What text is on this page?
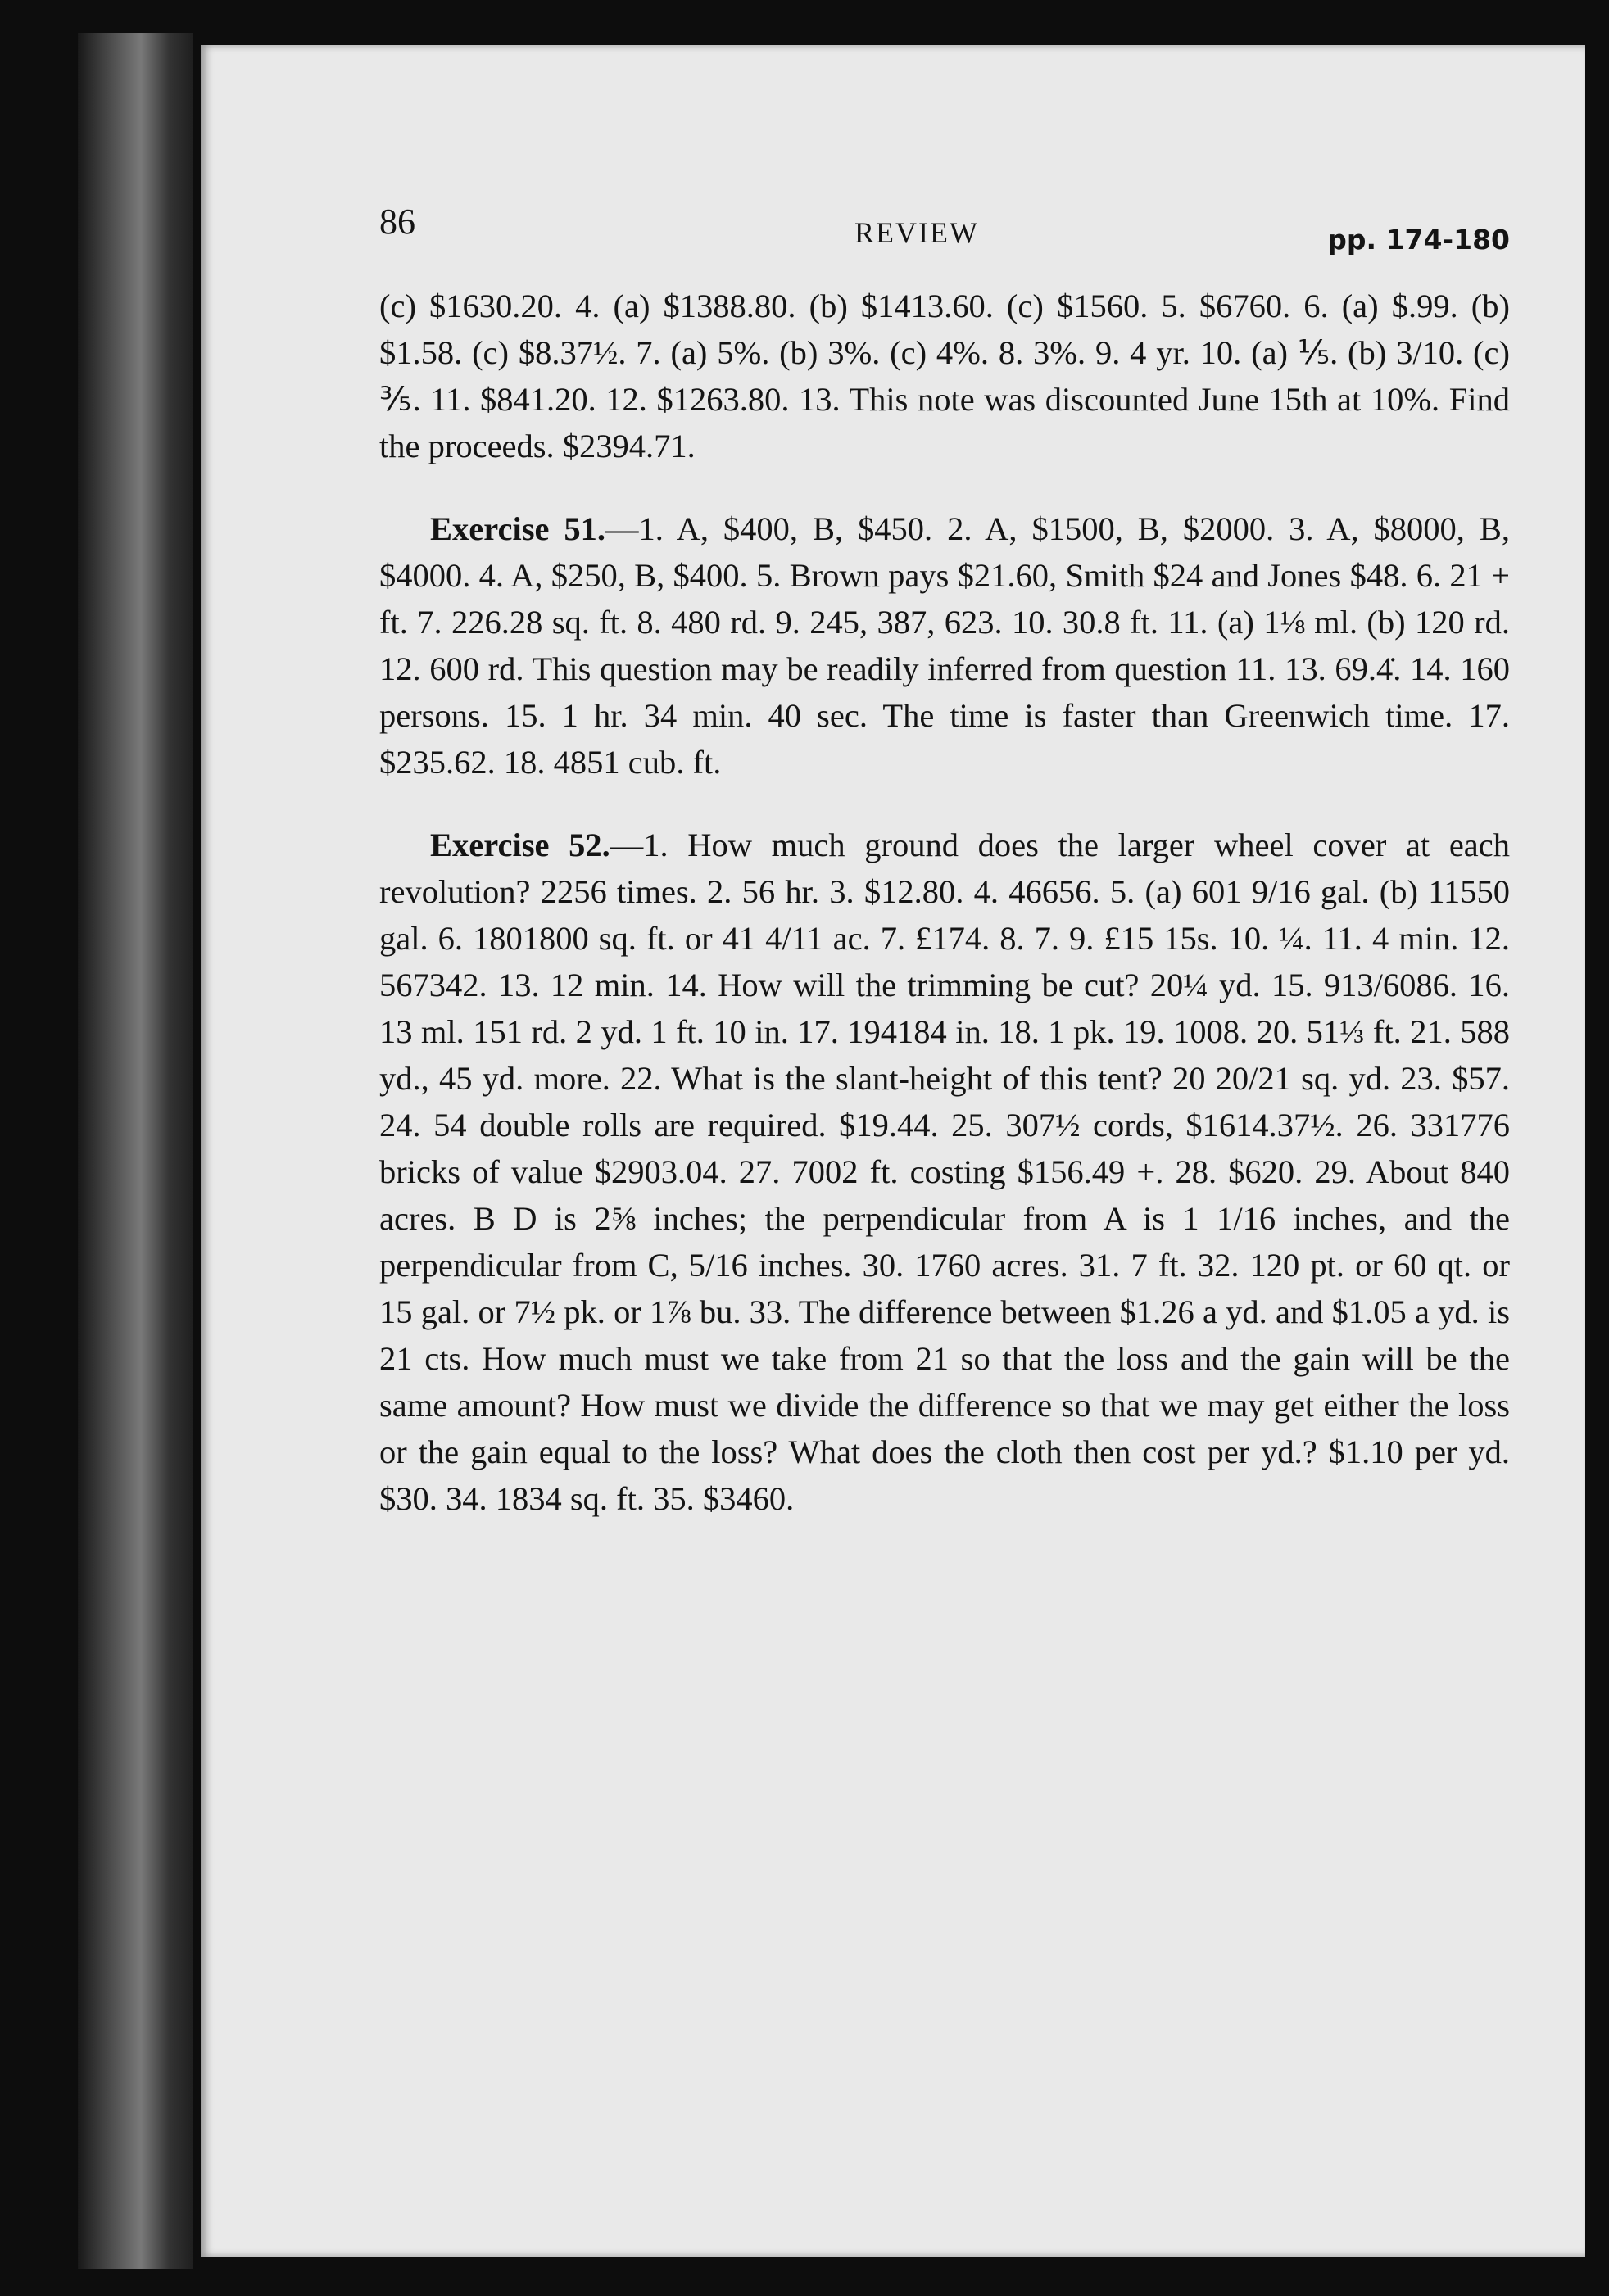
86	REVIEW	pp. 174-180

(c) $1630.20. 4. (a) $1388.80. (b) $1413.60. (c) $1560. 5. $6760. 6. (a) $.99. (b) $1.58. (c) $8.37½. 7. (a) 5%. (b) 3%. (c) 4%. 8. 3%. 9. 4 yr. 10. (a) ⅕. (b) 3/10. (c) ⅗. 11. $841.20. 12. $1263.80. 13. This note was discounted June 15th at 10%. Find the proceeds. $2394.71.

Exercise 51.—1. A, $400, B, $450. 2. A, $1500, B, $2000. 3. A, $8000, B, $4000. 4. A, $250, B, $400. 5. Brown pays $21.60, Smith $24 and Jones $48. 6. 21 + ft. 7. 226.28 sq. ft. 8. 480 rd. 9. 245, 387, 623. 10. 30.8 ft. 11. (a) 1⅛ ml. (b) 120 rd. 12. 600 rd. This question may be readily inferred from question 11. 13. 69.4̇. 14. 160 persons. 15. 1 hr. 34 min. 40 sec. The time is faster than Greenwich time. 17. $235.62. 18. 4851 cub. ft.

Exercise 52.—1. How much ground does the larger wheel cover at each revolution? 2256 times. 2. 56 hr. 3. $12.80. 4. 46656. 5. (a) 601 9/16 gal. (b) 11550 gal. 6. 1801800 sq. ft. or 41 4/11 ac. 7. £174. 8. 7. 9. £15 15s. 10. ¼. 11. 4 min. 12. 567342. 13. 12 min. 14. How will the trimming be cut? 20¼ yd. 15. 913/6086. 16. 13 ml. 151 rd. 2 yd. 1 ft. 10 in. 17. 194184 in. 18. 1 pk. 19. 1008. 20. 51⅓ ft. 21. 588 yd., 45 yd. more. 22. What is the slant-height of this tent? 20 20/21 sq. yd. 23. $57. 24. 54 double rolls are required. $19.44. 25. 307½ cords, $1614.37½. 26. 331776 bricks of value $2903.04. 27. 7002 ft. costing $156.49 +. 28. $620. 29. About 840 acres. B D is 2⅝ inches; the perpendicular from A is 1 1/16 inches, and the perpendicular from C, 5/16 inches. 30. 1760 acres. 31. 7 ft. 32. 120 pt. or 60 qt. or 15 gal. or 7½ pk. or 1⅞ bu. 33. The difference between $1.26 a yd. and $1.05 a yd. is 21 cts. How much must we take from 21 so that the loss and the gain will be the same amount? How must we divide the difference so that we may get either the loss or the gain equal to the loss? What does the cloth then cost per yd.? $1.10 per yd. $30. 34. 1834 sq. ft. 35. $3460.
